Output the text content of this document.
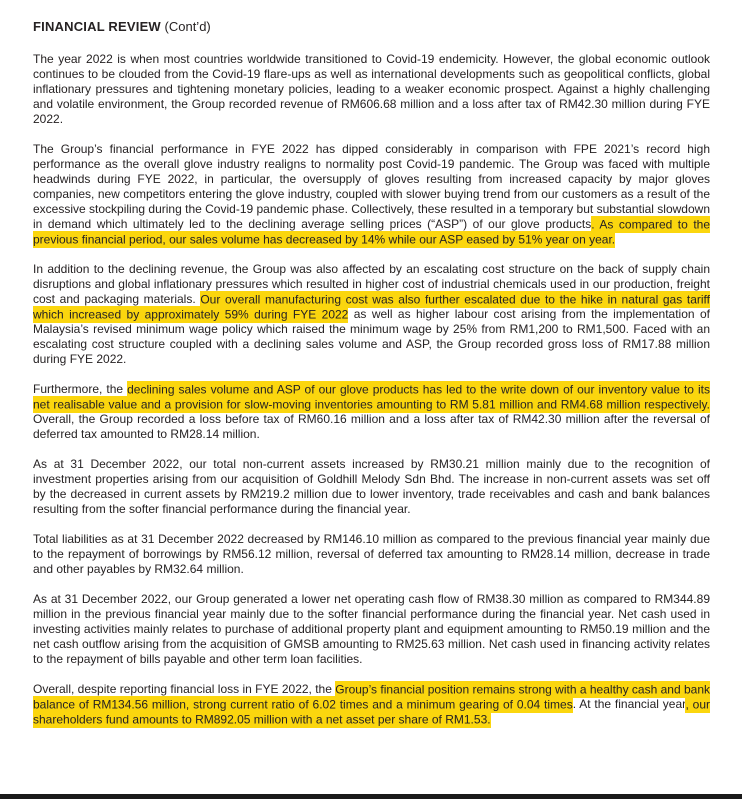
FINANCIAL REVIEW (Cont’d)

The year 2022 is when most countries worldwide transitioned to Covid-19 endemicity. However, the global economic outlook continues to be clouded from the Covid-19 flare-ups as well as international developments such as geopolitical conflicts, global inflationary pressures and tightening monetary policies, leading to a weaker economic prospect. Against a highly challenging and volatile environment, the Group recorded revenue of RM606.68 million and a loss after tax of RM42.30 million during FYE 2022.

The Group’s financial performance in FYE 2022 has dipped considerably in comparison with FPE 2021’s record high performance as the overall glove industry realigns to normality post Covid-19 pandemic. The Group was faced with multiple headwinds during FYE 2022, in particular, the oversupply of gloves resulting from increased capacity by major gloves companies, new competitors entering the glove industry, coupled with slower buying trend from our customers as a result of the excessive stockpiling during the Covid-19 pandemic phase. Collectively, these resulted in a temporary but substantial slowdown in demand which ultimately led to the declining average selling prices (“ASP”) of our glove products. As compared to the previous financial period, our sales volume has decreased by 14% while our ASP eased by 51% year on year.

In addition to the declining revenue, the Group was also affected by an escalating cost structure on the back of supply chain disruptions and global inflationary pressures which resulted in higher cost of industrial chemicals used in our production, freight cost and packaging materials. Our overall manufacturing cost was also further escalated due to the hike in natural gas tariff which increased by approximately 59% during FYE 2022 as well as higher labour cost arising from the implementation of Malaysia’s revised minimum wage policy which raised the minimum wage by 25% from RM1,200 to RM1,500. Faced with an escalating cost structure coupled with a declining sales volume and ASP, the Group recorded gross loss of RM17.88 million during FYE 2022.

Furthermore, the declining sales volume and ASP of our glove products has led to the write down of our inventory value to its net realisable value and a provision for slow-moving inventories amounting to RM 5.81 million and RM4.68 million respectively. Overall, the Group recorded a loss before tax of RM60.16 million and a loss after tax of RM42.30 million after the reversal of deferred tax amounted to RM28.14 million.

As at 31 December 2022, our total non-current assets increased by RM30.21 million mainly due to the recognition of investment properties arising from our acquisition of Goldhill Melody Sdn Bhd. The increase in non-current assets was set off by the decreased in current assets by RM219.2 million due to lower inventory, trade receivables and cash and bank balances resulting from the softer financial performance during the financial year.

Total liabilities as at 31 December 2022 decreased by RM146.10 million as compared to the previous financial year mainly due to the repayment of borrowings by RM56.12 million, reversal of deferred tax amounting to RM28.14 million, decrease in trade and other payables by RM32.64 million.

As at 31 December 2022, our Group generated a lower net operating cash flow of RM38.30 million as compared to RM344.89 million in the previous financial year mainly due to the softer financial performance during the financial year. Net cash used in investing activities mainly relates to purchase of additional property plant and equipment amounting to RM50.19 million and the net cash outflow arising from the acquisition of GMSB amounting to RM25.63 million. Net cash used in financing activity relates to the repayment of bills payable and other term loan facilities.

Overall, despite reporting financial loss in FYE 2022, the Group’s financial position remains strong with a healthy cash and bank balance of RM134.56 million, strong current ratio of 6.02 times and a minimum gearing of 0.04 times. At the financial year, our shareholders fund amounts to RM892.05 million with a net asset per share of RM1.53.
